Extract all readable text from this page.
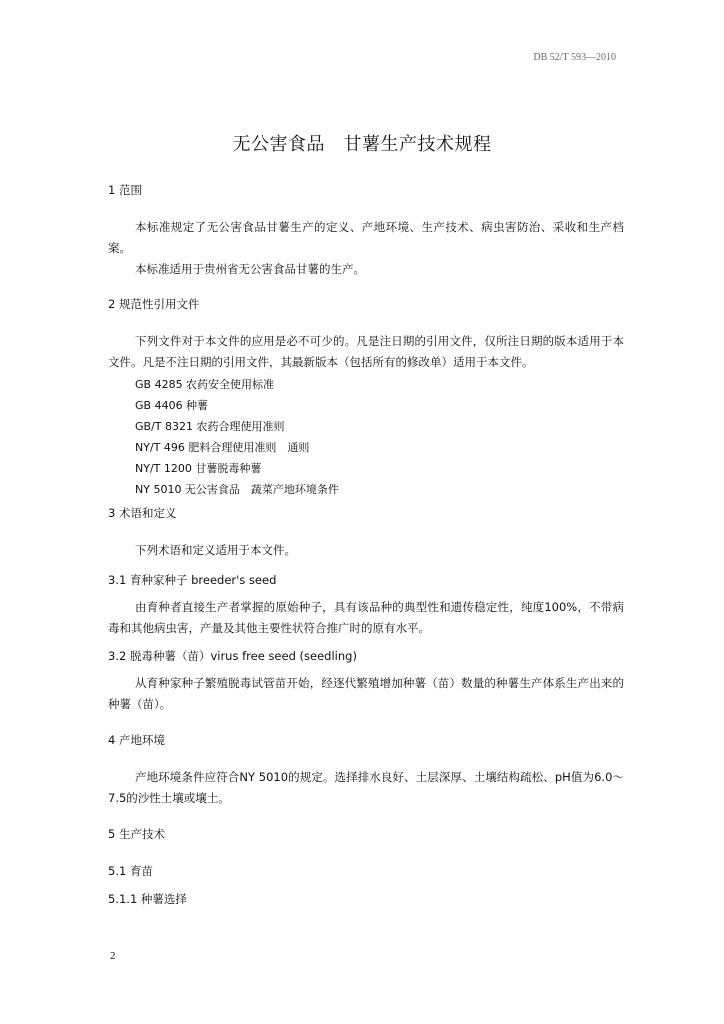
DB 52/T 593—2010
无公害食品　甘薯生产技术规程
1 范围
本标准规定了无公害食品甘薯生产的定义、产地环境、生产技术、病虫害防治、采收和生产档案。
本标准适用于贵州省无公害食品甘薯的生产。
2 规范性引用文件
下列文件对于本文件的应用是必不可少的。凡是注日期的引用文件，仅所注日期的版本适用于本文件。凡是不注日期的引用文件，其最新版本（包括所有的修改单）适用于本文件。
GB 4285 农药安全使用标准
GB 4406 种薯
GB/T 8321 农药合理使用准则
NY/T 496 肥料合理使用准则　通则
NY/T 1200 甘薯脱毒种薯
NY 5010 无公害食品　蔬菜产地环境条件
3 术语和定义
下列术语和定义适用于本文件。
3.1 育种家种子 breeder's seed
由育种者直接生产者掌握的原始种子，具有该品种的典型性和遗传稳定性，纯度100%，不带病毒和其他病虫害，产量及其他主要性状符合推广时的原有水平。
3.2 脱毒种薯（苗）virus free seed (seedling)
从育种家种子繁殖脱毒试管苗开始，经逐代繁殖增加种薯（苗）数量的种薯生产体系生产出来的种薯（苗）。
4 产地环境
产地环境条件应符合NY 5010的规定。选择排水良好、土层深厚、土壤结构疏松、pH值为6.0～7.5的沙性土壤或壤土。
5 生产技术
5.1 育苗
5.1.1 种薯选择
2
